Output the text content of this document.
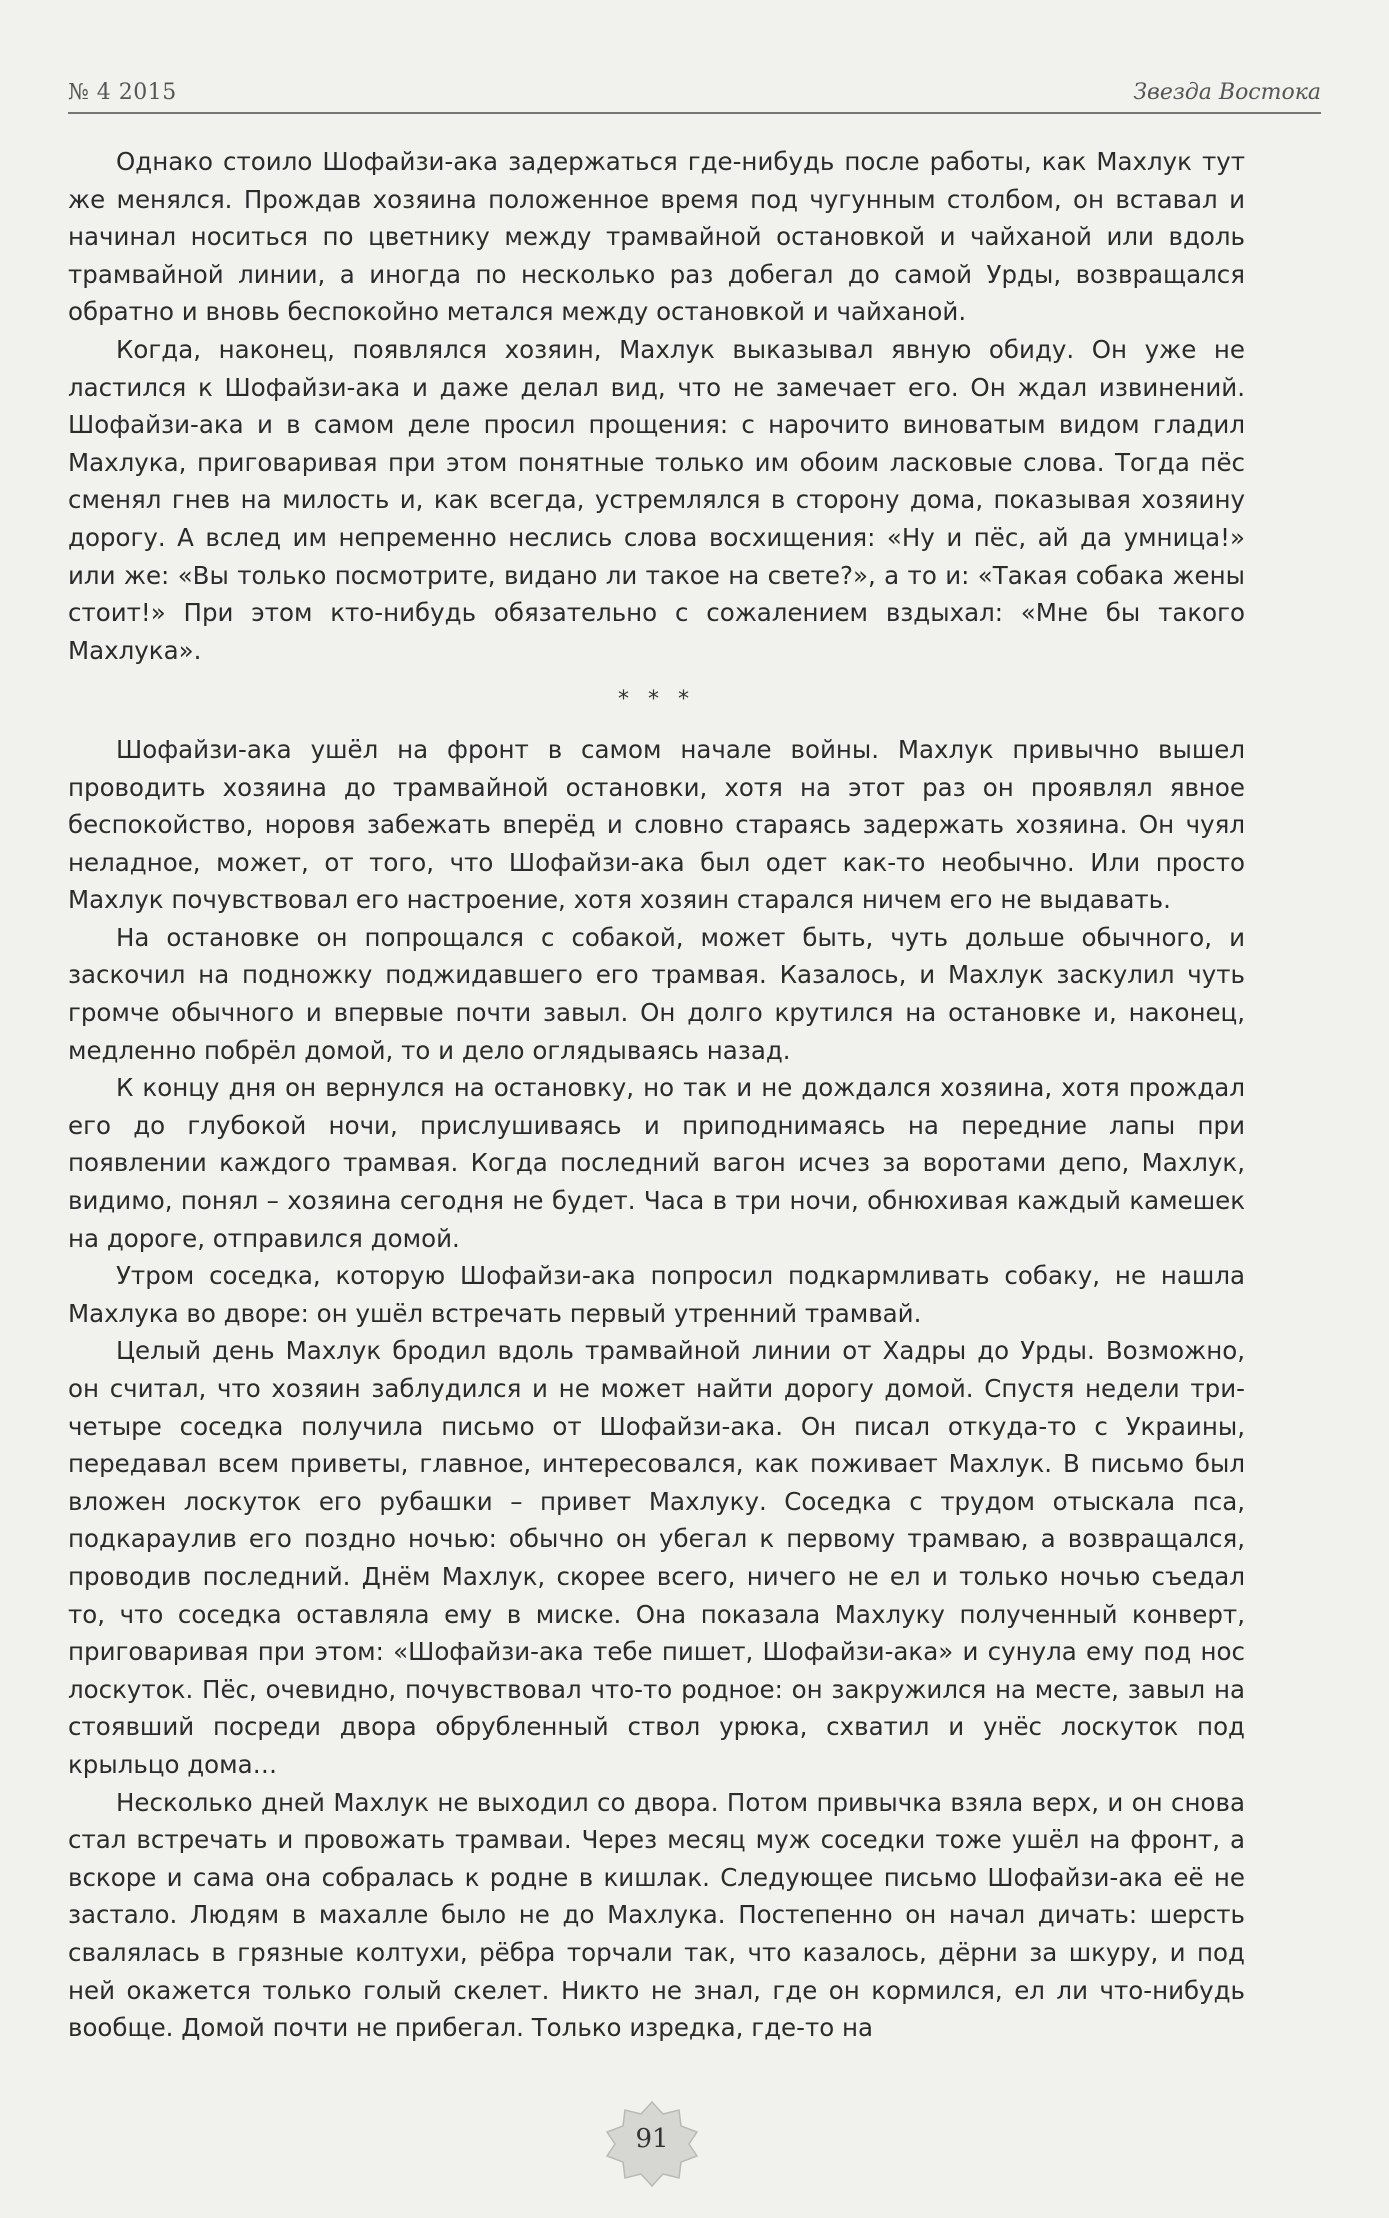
№ 4 2015	Звезда Востока

Однако стоило Шофайзи-ака задержаться где-нибудь после работы, как Махлук тут же менялся. Прождав хозяина положенное время под чугунным столбом, он вставал и начинал носиться по цветнику между трамвайной остановкой и чайханой или вдоль трамвайной линии, а иногда по несколько раз добегал до самой Урды, возвращался обратно и вновь беспокойно метался между остановкой и чайханой.

Когда, наконец, появлялся хозяин, Махлук выказывал явную обиду. Он уже не ластился к Шофайзи-ака и даже делал вид, что не замечает его. Он ждал извинений. Шофайзи-ака и в самом деле просил прощения: с нарочито виноватым видом гладил Махлука, приговаривая при этом понятные только им обоим ласковые слова. Тогда пёс сменял гнев на милость и, как всегда, устремлялся в сторону дома, показывая хозяину дорогу. А вслед им непременно неслись слова восхищения: «Ну и пёс, ай да умница!» или же: «Вы только посмотрите, видано ли такое на свете?», а то и: «Такая собака жены стоит!» При этом кто-нибудь обязательно с сожалением вздыхал: «Мне бы такого Махлука».

* * *

Шофайзи-ака ушёл на фронт в самом начале войны. Махлук привычно вышел проводить хозяина до трамвайной остановки, хотя на этот раз он проявлял явное беспокойство, норовя забежать вперёд и словно стараясь задержать хозяина. Он чуял неладное, может, от того, что Шофайзи-ака был одет как-то необычно. Или просто Махлук почувствовал его настроение, хотя хозяин старался ничем его не выдавать.

На остановке он попрощался с собакой, может быть, чуть дольше обычного, и заскочил на подножку поджидавшего его трамвая. Казалось, и Махлук заскулил чуть громче обычного и впервые почти завыл. Он долго крутился на остановке и, наконец, медленно побрёл домой, то и дело оглядываясь назад.

К концу дня он вернулся на остановку, но так и не дождался хозяина, хотя прождал его до глубокой ночи, прислушиваясь и приподнимаясь на передние лапы при появлении каждого трамвая. Когда последний вагон исчез за воротами депо, Махлук, видимо, понял – хозяина сегодня не будет. Часа в три ночи, обнюхивая каждый камешек на дороге, отправился домой.

Утром соседка, которую Шофайзи-ака попросил подкармливать собаку, не нашла Махлука во дворе: он ушёл встречать первый утренний трамвай.

Целый день Махлук бродил вдоль трамвайной линии от Хадры до Урды. Возможно, он считал, что хозяин заблудился и не может найти дорогу домой. Спустя недели три-четыре соседка получила письмо от Шофайзи-ака. Он писал откуда-то с Украины, передавал всем приветы, главное, интересовался, как поживает Махлук. В письмо был вложен лоскуток его рубашки – привет Махлуку. Соседка с трудом отыскала пса, подкараулив его поздно ночью: обычно он убегал к первому трамваю, а возвращался, проводив последний. Днём Махлук, скорее всего, ничего не ел и только ночью съедал то, что соседка оставляла ему в миске. Она показала Махлуку полученный конверт, приговаривая при этом: «Шофайзи-ака тебе пишет, Шофайзи-ака» и сунула ему под нос лоскуток. Пёс, очевидно, почувствовал что-то родное: он закружился на месте, завыл на стоявший посреди двора обрубленный ствол урюка, схватил и унёс лоскуток под крыльцо дома…

Несколько дней Махлук не выходил со двора. Потом привычка взяла верх, и он снова стал встречать и провожать трамваи. Через месяц муж соседки тоже ушёл на фронт, а вскоре и сама она собралась к родне в кишлак. Следующее письмо Шофайзи-ака её не застало. Людям в махалле было не до Махлука. Постепенно он начал дичать: шерсть свалялась в грязные колтухи, рёбра торчали так, что казалось, дёрни за шкуру, и под ней окажется только голый скелет. Никто не знал, где он кормился, ел ли что-нибудь вообще. Домой почти не прибегал. Только изредка, где-то на

91
